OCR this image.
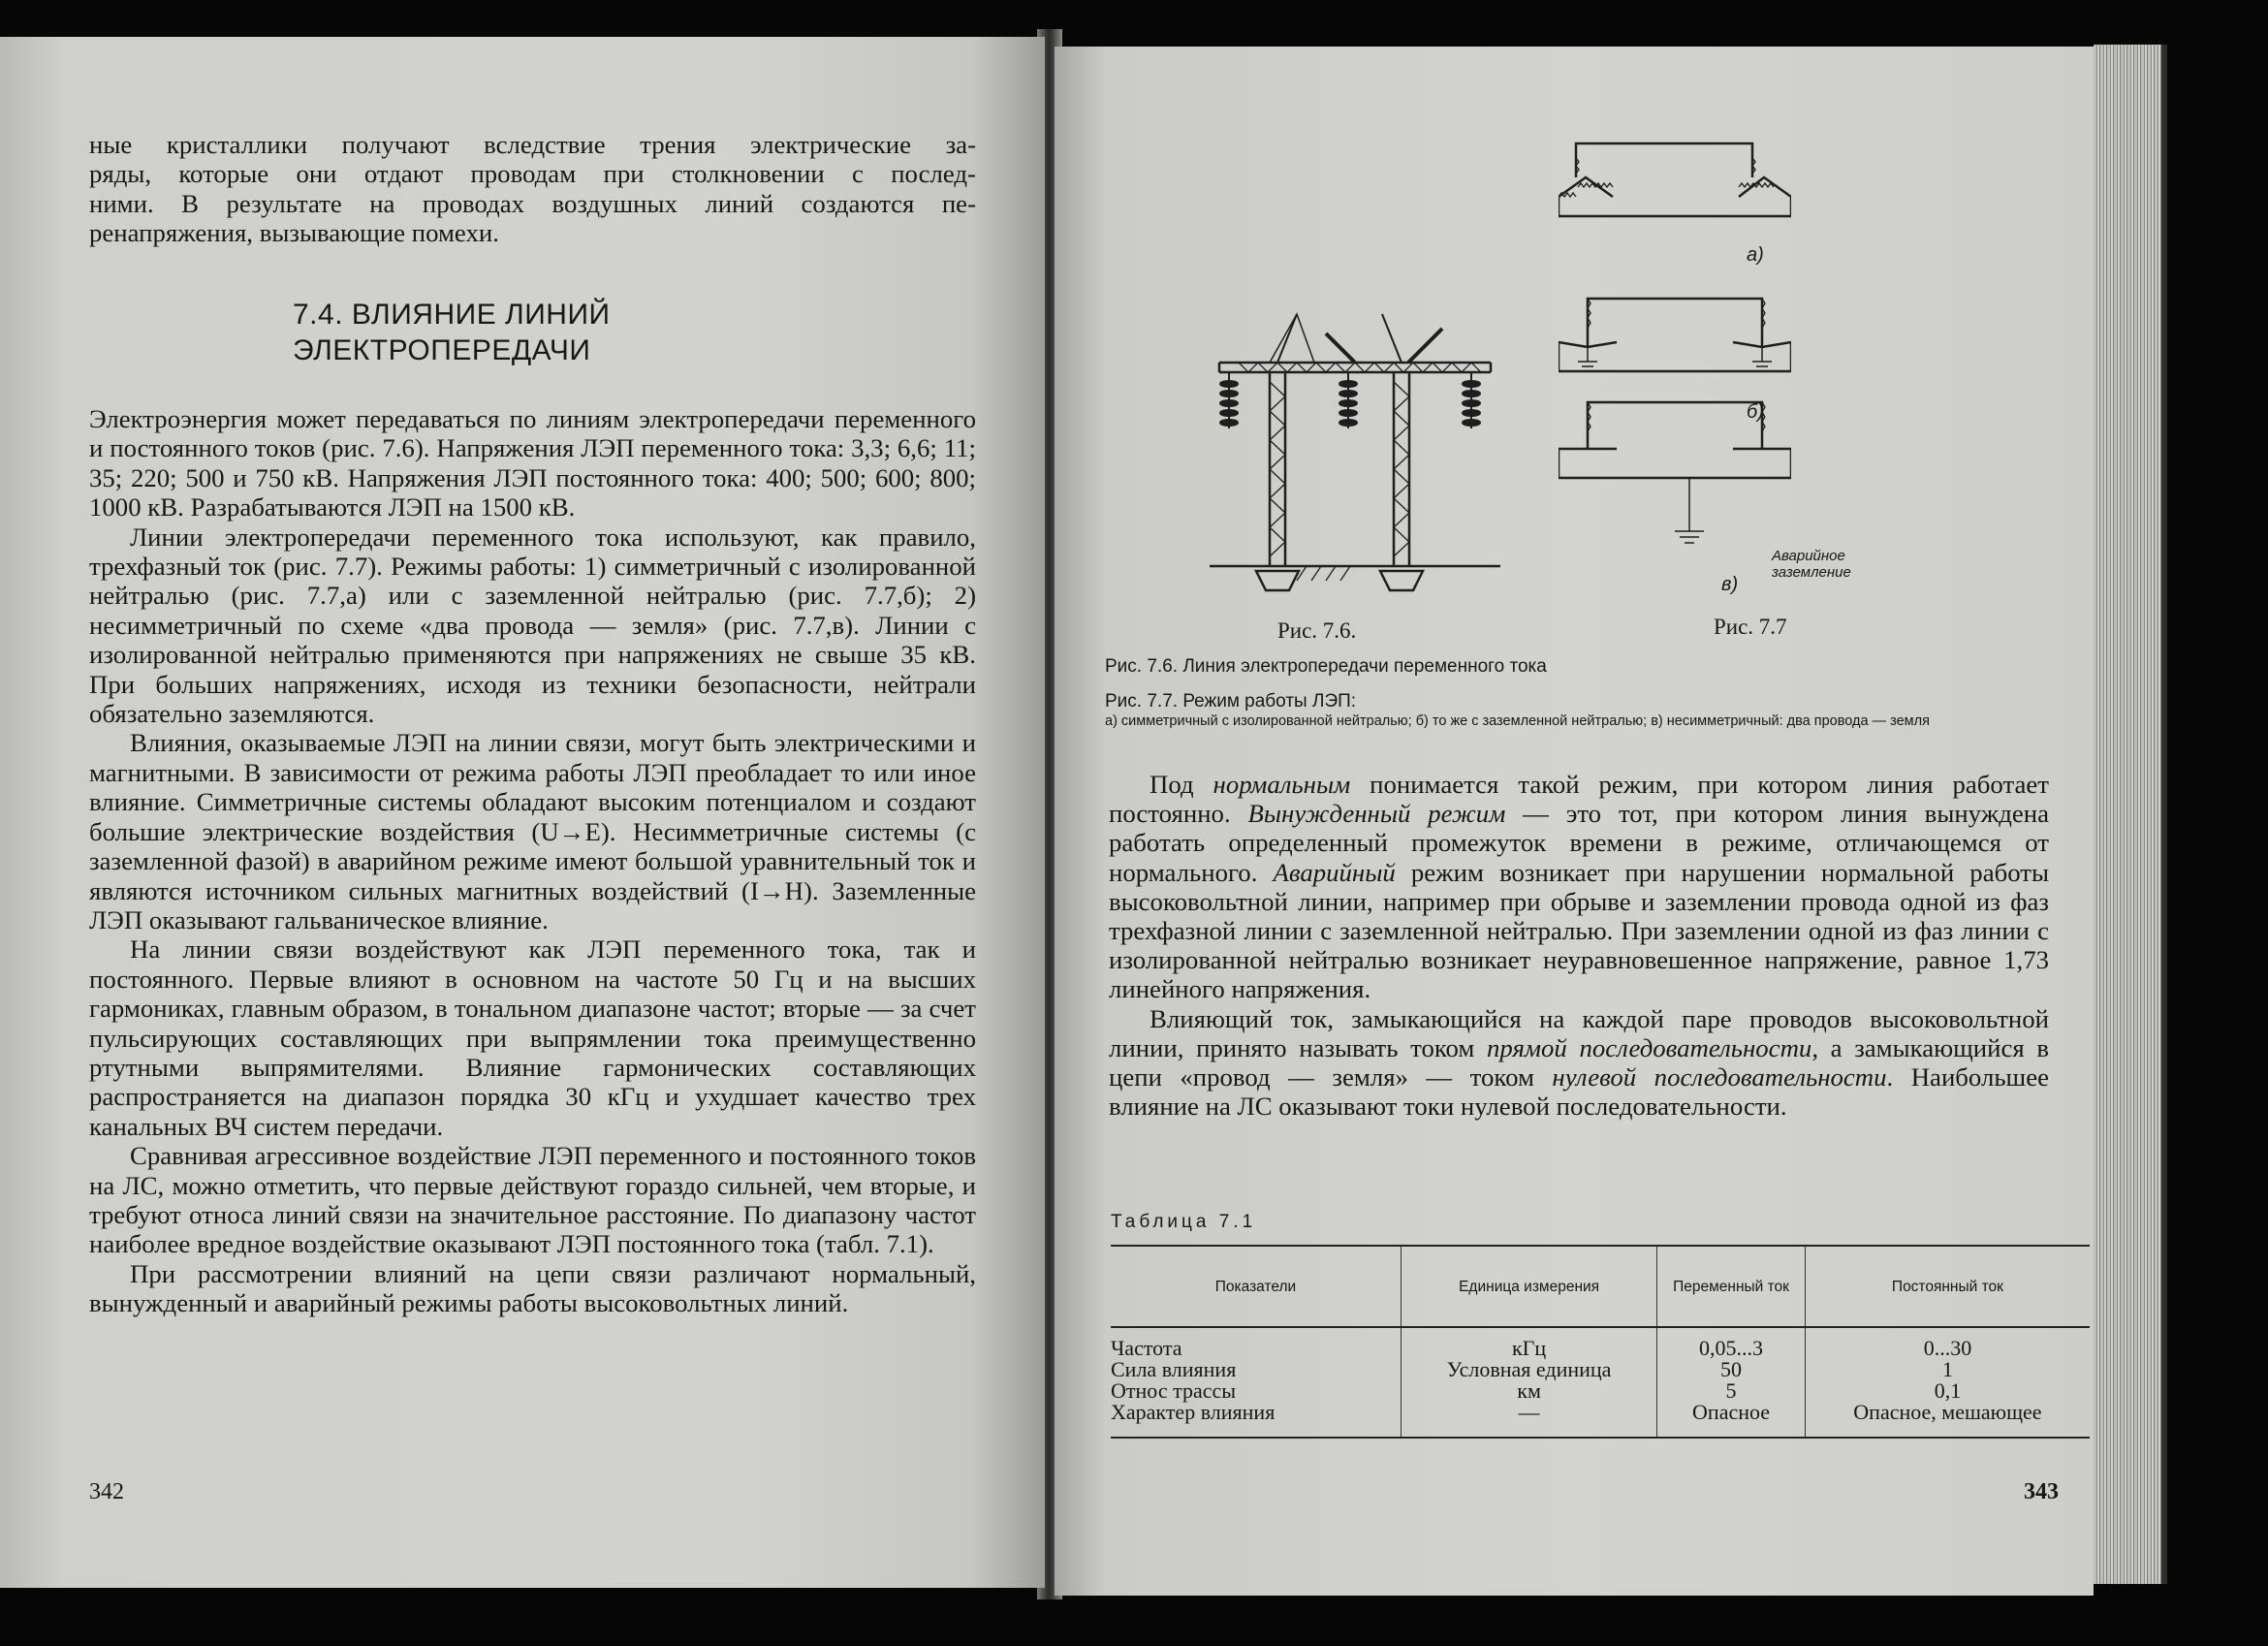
ные кристаллики получают вследствие трения электрические за-
ряды, которые они отдают проводам при столкновении с послед-
ними. В результате на проводах воздушных линий создаются пе-
ренапряжения, вызывающие помехи.
7.4. ВЛИЯНИЕ ЛИНИЙ
ЭЛЕКТРОПЕРЕДАЧИ

Электроэнергия может передаваться по линиям электропередачи переменного и постоянного токов (рис. 7.6). Напряжения ЛЭП переменного тока: 3,3; 6,6; 11; 35; 220; 500 и 750 кВ. Напряжения ЛЭП постоянного тока: 400; 500; 600; 800; 1000 кВ. Разрабатываются ЛЭП на 1500 кВ.

Линии электропередачи переменного тока используют, как правило, трехфазный ток (рис. 7.7). Режимы работы: 1) симметричный с изолированной нейтралью (рис. 7.7,а) или с заземленной нейтралью (рис. 7.7,б); 2) несимметричный по схеме «два провода — земля» (рис. 7.7,в). Линии с изолированной нейтралью применяются при напряжениях не свыше 35 кВ. При больших напряжениях, исходя из техники безопасности, нейтрали обязательно заземляются.

Влияния, оказываемые ЛЭП на линии связи, могут быть электрическими и магнитными. В зависимости от режима работы ЛЭП преобладает то или иное влияние. Симметричные системы обладают высоким потенциалом и создают большие электрические воздействия (U→E). Несимметричные системы (с заземленной фазой) в аварийном режиме имеют большой уравнительный ток и являются источником сильных магнитных воздействий (I→H). Заземленные ЛЭП оказывают гальваническое влияние.

На линии связи воздействуют как ЛЭП переменного тока, так и постоянного. Первые влияют в основном на частоте 50 Гц и на высших гармониках, главным образом, в тональном диапазоне частот; вторые — за счет пульсирующих составляющих при выпрямлении тока преимущественно ртутными выпрямителями. Влияние гармонических составляющих распространяется на диапазон порядка 30 кГц и ухудшает качество трех канальных ВЧ систем передачи.

Сравнивая агрессивное воздействие ЛЭП переменного и постоянного токов на ЛС, можно отметить, что первые действуют гораздо сильней, чем вторые, и требуют относа линий связи на значительное расстояние. По диапазону частот наиболее вредное воздействие оказывают ЛЭП постоянного тока (табл. 7.1).

При рассмотрении влияний на цепи связи различают нормальный, вынужденный и аварийный режимы работы высоковольтных линий.

342
а)
б)
в)
Аварийное
заземление
Рис. 7.6.	Рис. 7.7
Рис. 7.6. Линия электропередачи переменного тока
Рис. 7.7. Режим работы ЛЭП:
а) симметричный с изолированной нейтралью; б) то же с заземленной нейтралью; в) несимметричный: два провода — земля

Под нормальным понимается такой режим, при котором линия работает постоянно. Вынужденный режим — это тот, при котором линия вынуждена работать определенный промежуток времени в режиме, отличающемся от нормального. Аварийный режим возникает при нарушении нормальной работы высоковольтной линии, например при обрыве и заземлении провода одной из фаз трехфазной линии с заземленной нейтралью. При заземлении одной из фаз линии с изолированной нейтралью возникает неуравновешенное напряжение, равное 1,73 линейного напряжения.

Влияющий ток, замыкающийся на каждой паре проводов высоковольтной линии, принято называть током прямой последовательности, а замыкающийся в цепи «провод — земля» — током нулевой последовательности. Наибольшее влияние на ЛС оказывают токи нулевой последовательности.

Таблица 7.1
Показатели	Единица измерения	Переменный ток	Постоянный ток
Частота	кГц	0,05...3	0...30
Сила влияния	Условная единица	50	1
Относ трассы	км	5	0,1
Характер влияния	—	Опасное	Опасное, мешающее
343
